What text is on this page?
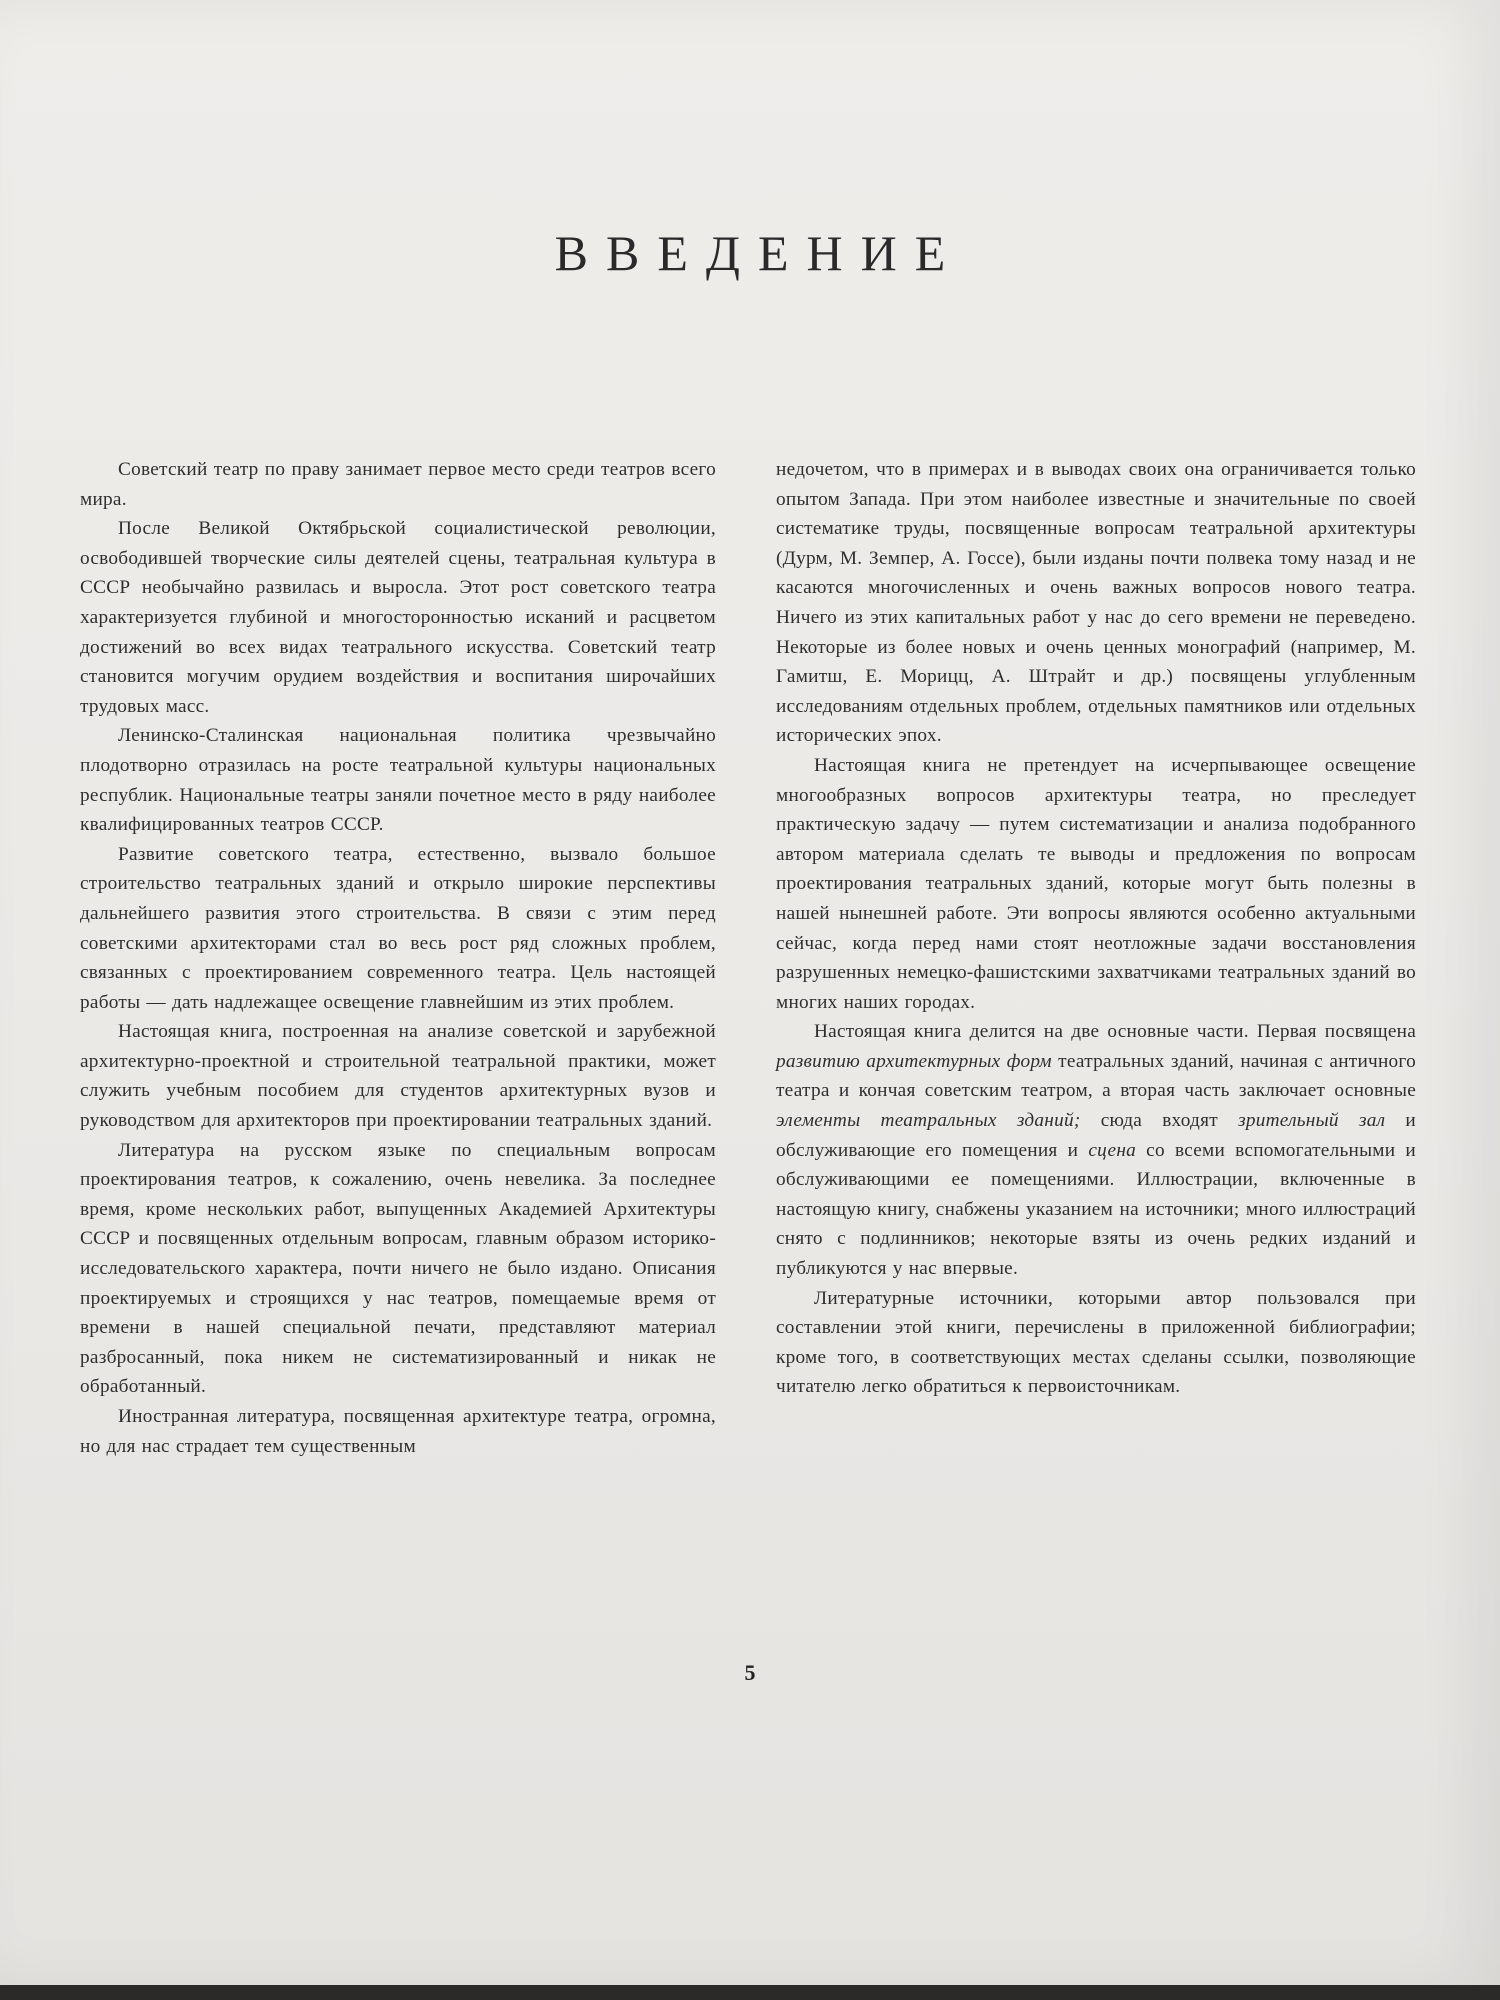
ВВЕДЕНИЕ

Советский театр по праву занимает первое место среди театров всего мира.

После Великой Октябрьской социалистической революции, освободившей творческие силы деятелей сцены, театральная культура в СССР необычайно развилась и выросла. Этот рост советского театра характеризуется глубиной и многосторонностью исканий и расцветом достижений во всех видах театрального искусства. Советский театр становится могучим орудием воздействия и воспитания широчайших трудовых масс.

Ленинско-Сталинская национальная политика чрезвычайно плодотворно отразилась на росте театральной культуры национальных республик. Национальные театры заняли почетное место в ряду наиболее квалифицированных театров СССР.

Развитие советского театра, естественно, вызвало большое строительство театральных зданий и открыло широкие перспективы дальнейшего развития этого строительства. В связи с этим перед советскими архитекторами стал во весь рост ряд сложных проблем, связанных с проектированием современного театра. Цель настоящей работы — дать надлежащее освещение главнейшим из этих проблем.

Настоящая книга, построенная на анализе советской и зарубежной архитектурно-проектной и строительной театральной практики, может служить учебным пособием для студентов архитектурных вузов и руководством для архитекторов при проектировании театральных зданий.

Литература на русском языке по специальным вопросам проектирования театров, к сожалению, очень невелика. За последнее время, кроме нескольких работ, выпущенных Академией Архитектуры СССР и посвященных отдельным вопросам, главным образом историко-исследовательского характера, почти ничего не было издано. Описания проектируемых и строящихся у нас театров, помещаемые время от времени в нашей специальной печати, представляют материал разбросанный, пока никем не систематизированный и никак не обработанный.

Иностранная литература, посвященная архитектуре театра, огромна, но для нас страдает тем существенным

недочетом, что в примерах и в выводах своих она ограничивается только опытом Запада. При этом наиболее известные и значительные по своей систематике труды, посвященные вопросам театральной архитектуры (Дурм, М. Земпер, А. Госсе), были изданы почти полвека тому назад и не касаются многочисленных и очень важных вопросов нового театра. Ничего из этих капитальных работ у нас до сего времени не переведено. Некоторые из более новых и очень ценных монографий (например, М. Гамитш, Е. Морицц, А. Штрайт и др.) посвящены углубленным исследованиям отдельных проблем, отдельных памятников или отдельных исторических эпох.

Настоящая книга не претендует на исчерпывающее освещение многообразных вопросов архитектуры театра, но преследует практическую задачу — путем систематизации и анализа подобранного автором материала сделать те выводы и предложения по вопросам проектирования театральных зданий, которые могут быть полезны в нашей нынешней работе. Эти вопросы являются особенно актуальными сейчас, когда перед нами стоят неотложные задачи восстановления разрушенных немецко-фашистскими захватчиками театральных зданий во многих наших городах.

Настоящая книга делится на две основные части. Первая посвящена развитию архитектурных форм театральных зданий, начиная с античного театра и кончая советским театром, а вторая часть заключает основные элементы театральных зданий; сюда входят зрительный зал и обслуживающие его помещения и сцена со всеми вспомогательными и обслуживающими ее помещениями. Иллюстрации, включенные в настоящую книгу, снабжены указанием на источники; много иллюстраций снято с подлинников; некоторые взяты из очень редких изданий и публикуются у нас впервые.

Литературные источники, которыми автор пользовался при составлении этой книги, перечислены в приложенной библиографии; кроме того, в соответствующих местах сделаны ссылки, позволяющие читателю легко обратиться к первоисточникам.

5
